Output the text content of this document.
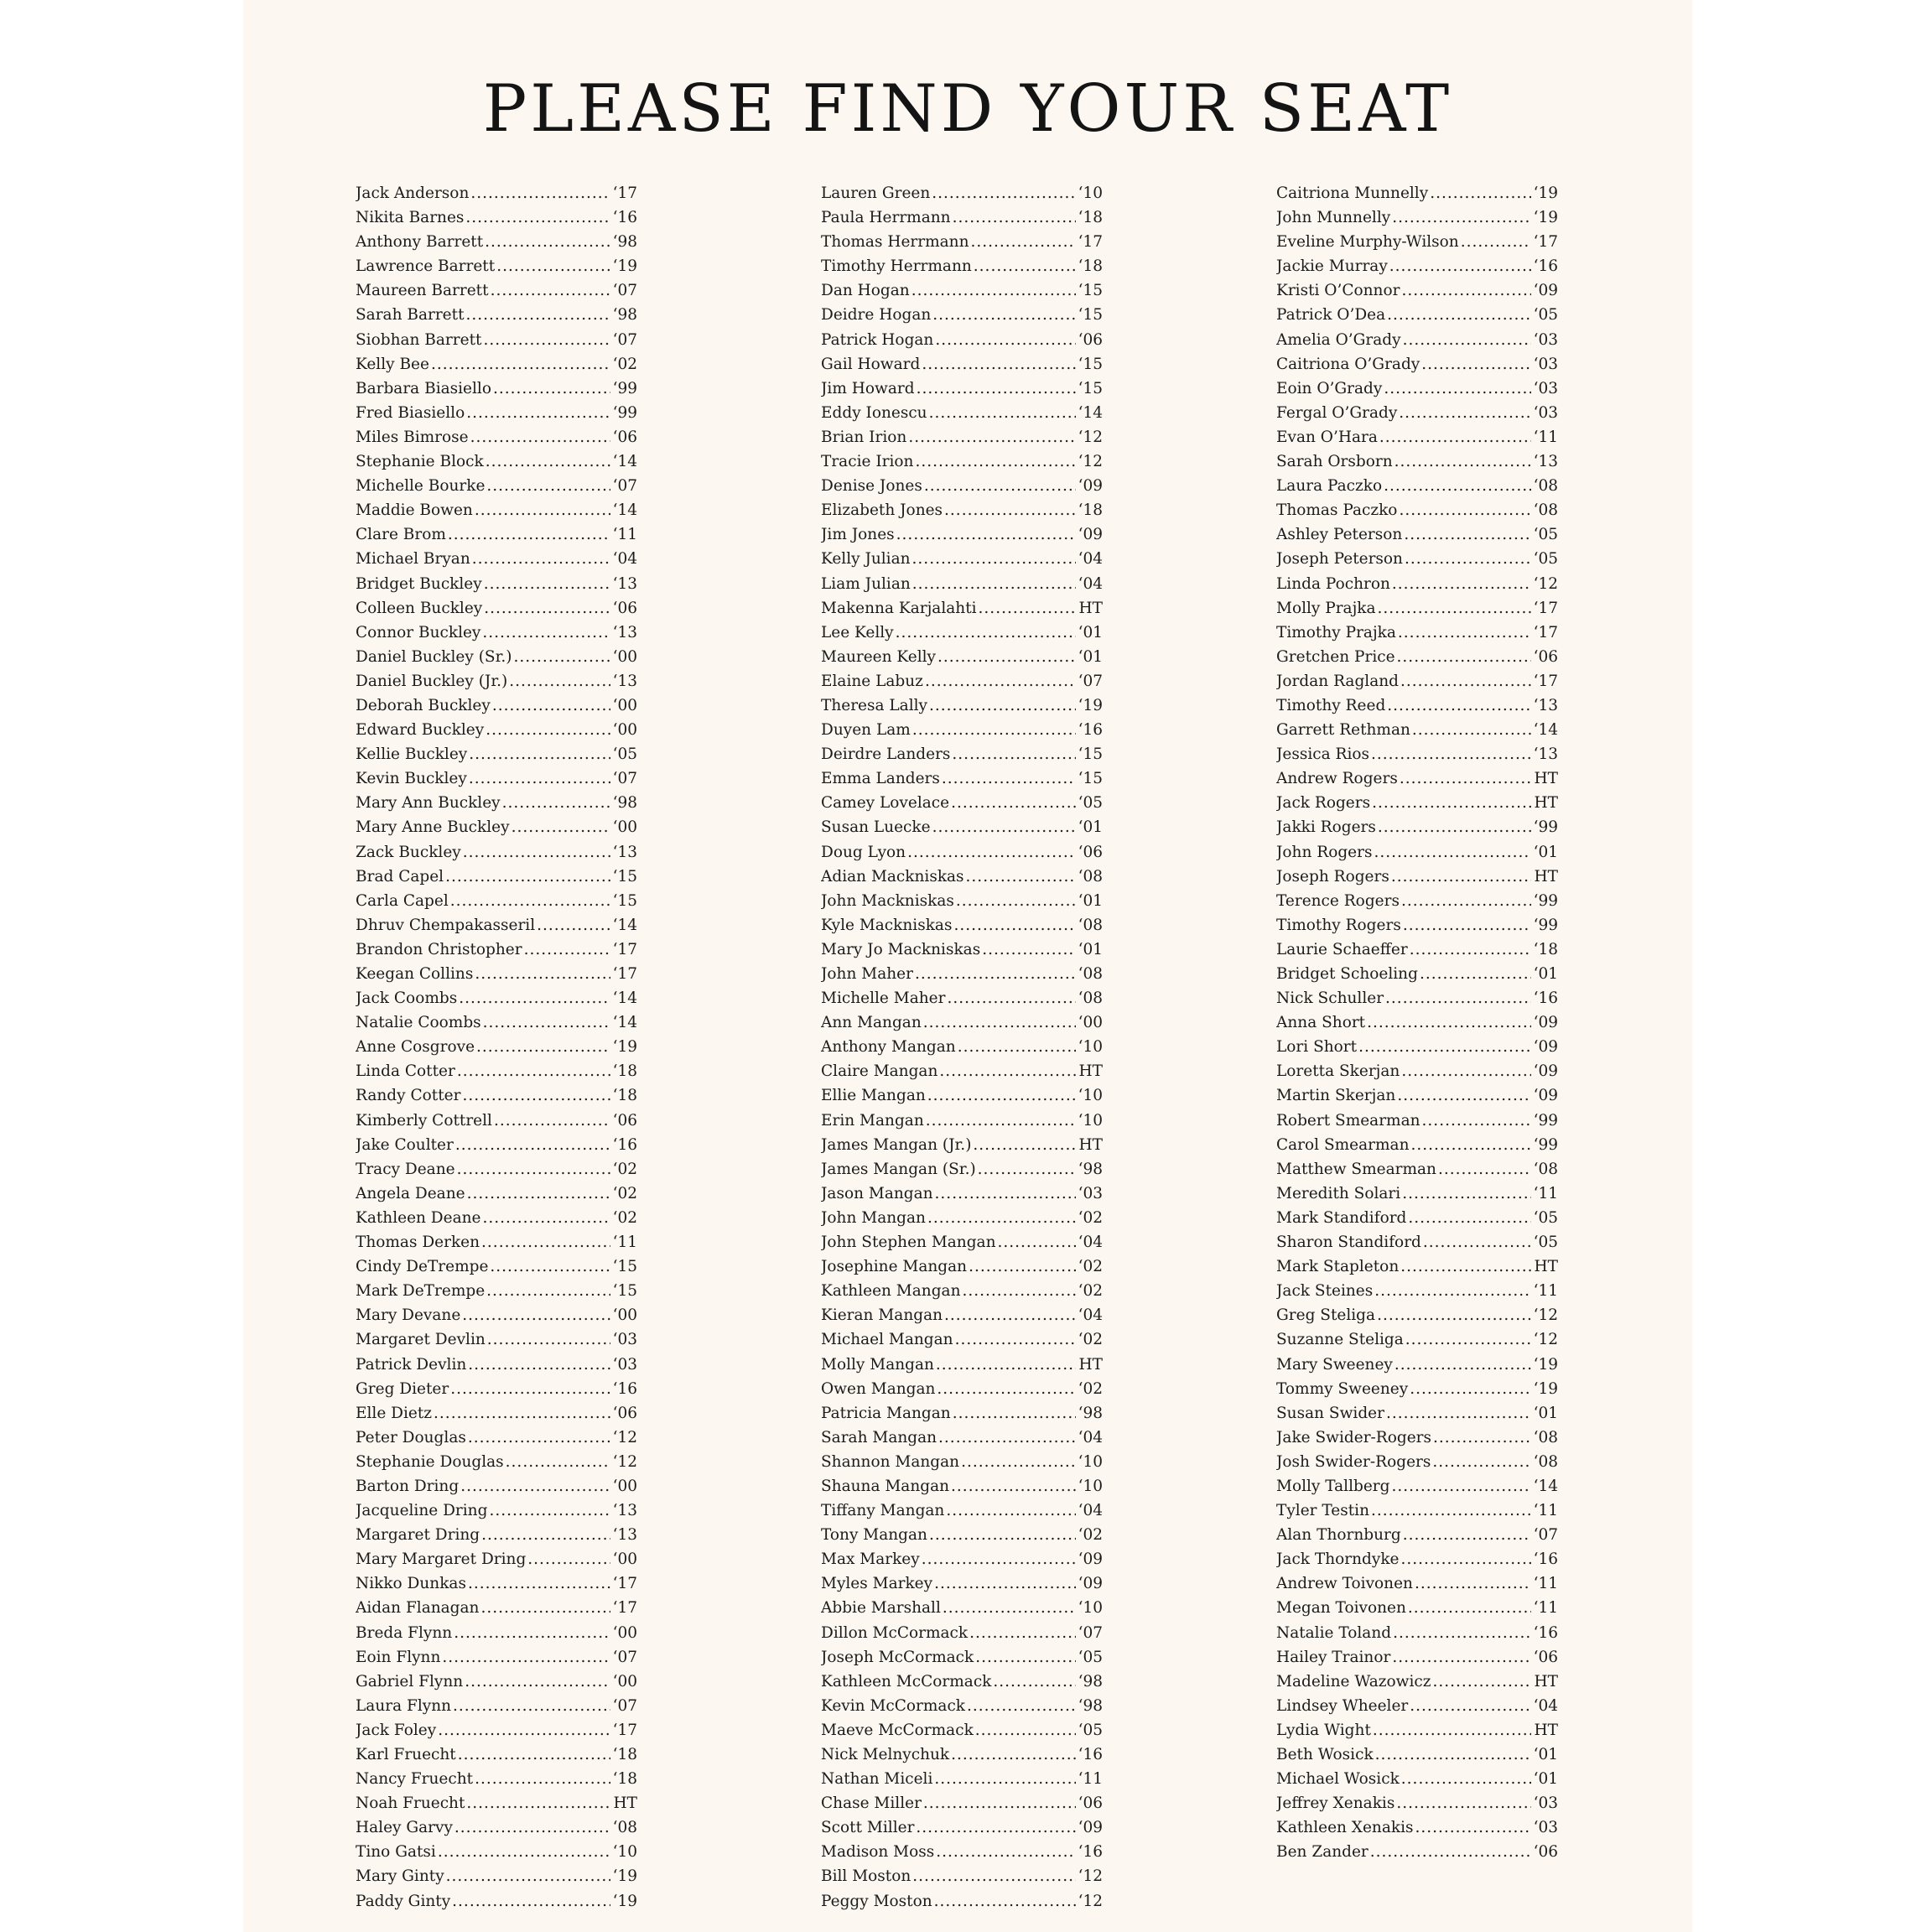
PLEASE FIND YOUR SEAT
Jack Anderson .....	‘17
Nikita Barnes .....	‘16
Anthony Barrett .....	‘98
Lawrence Barrett .....	‘19
Maureen Barrett .....	‘07
Sarah Barrett .....	‘98
Siobhan Barrett .....	‘07
Kelly Bee .....	‘02
Barbara Biasiello .....	‘99
Fred Biasiello .....	‘99
Miles Bimrose .....	‘06
Stephanie Block .....	‘14
Michelle Bourke .....	‘07
Maddie Bowen .....	‘14
Clare Brom .....	‘11
Michael Bryan .....	‘04
Bridget Buckley .....	‘13
Colleen Buckley .....	‘06
Connor Buckley .....	‘13
Daniel Buckley (Sr.) .....	‘00
Daniel Buckley (Jr.) .....	‘13
Deborah Buckley .....	‘00
Edward Buckley .....	‘00
Kellie Buckley .....	‘05
Kevin Buckley .....	‘07
Mary Ann Buckley .....	‘98
Mary Anne Buckley .....	‘00
Zack Buckley .....	‘13
Brad Capel .....	‘15
Carla Capel .....	‘15
Dhruv Chempakasseril .....	‘14
Brandon Christopher .....	‘17
Keegan Collins .....	‘17
Jack Coombs .....	‘14
Natalie Coombs .....	‘14
Anne Cosgrove .....	‘19
Linda Cotter .....	‘18
Randy Cotter .....	‘18
Kimberly Cottrell .....	‘06
Jake Coulter .....	‘16
Tracy Deane .....	‘02
Angela Deane .....	‘02
Kathleen Deane .....	‘02
Thomas Derken .....	‘11
Cindy DeTrempe .....	‘15
Mark DeTrempe .....	‘15
Mary Devane .....	‘00
Margaret Devlin .....	‘03
Patrick Devlin .....	‘03
Greg Dieter .....	‘16
Elle Dietz .....	‘06
Peter Douglas .....	‘12
Stephanie Douglas .....	‘12
Barton Dring .....	‘00
Jacqueline Dring .....	‘13
Margaret Dring .....	‘13
Mary Margaret Dring .....	‘00
Nikko Dunkas .....	‘17
Aidan Flanagan .....	‘17
Breda Flynn .....	‘00
Eoin Flynn .....	‘07
Gabriel Flynn .....	‘00
Laura Flynn .....	‘07
Jack Foley .....	‘17
Karl Fruecht .....	‘18
Nancy Fruecht .....	‘18
Noah Fruecht .....	HT
Haley Garvy .....	‘08
Tino Gatsi .....	‘10
Mary Ginty .....	‘19
Paddy Ginty .....	‘19
Lauren Green .....	‘10
Paula Herrmann .....	‘18
Thomas Herrmann .....	‘17
Timothy Herrmann .....	‘18
Dan Hogan .....	‘15
Deidre Hogan .....	‘15
Patrick Hogan .....	‘06
Gail Howard .....	‘15
Jim Howard .....	‘15
Eddy Ionescu .....	‘14
Brian Irion .....	‘12
Tracie Irion .....	‘12
Denise Jones .....	‘09
Elizabeth Jones .....	‘18
Jim Jones .....	‘09
Kelly Julian .....	‘04
Liam Julian .....	‘04
Makenna Karjalahti .....	HT
Lee Kelly .....	‘01
Maureen Kelly .....	‘01
Elaine Labuz .....	‘07
Theresa Lally .....	‘19
Duyen Lam .....	‘16
Deirdre Landers .....	‘15
Emma Landers .....	‘15
Camey Lovelace .....	‘05
Susan Luecke .....	‘01
Doug Lyon .....	‘06
Adian Mackniskas .....	‘08
John Mackniskas .....	‘01
Kyle Mackniskas .....	‘08
Mary Jo Mackniskas .....	‘01
John Maher .....	‘08
Michelle Maher .....	‘08
Ann Mangan .....	‘00
Anthony Mangan .....	‘10
Claire Mangan .....	HT
Ellie Mangan .....	‘10
Erin Mangan .....	‘10
James Mangan (Jr.) .....	HT
James Mangan (Sr.) .....	‘98
Jason Mangan .....	‘03
John Mangan .....	‘02
John Stephen Mangan .....	‘04
Josephine Mangan .....	‘02
Kathleen Mangan .....	‘02
Kieran Mangan .....	‘04
Michael Mangan .....	‘02
Molly Mangan .....	HT
Owen Mangan .....	‘02
Patricia Mangan .....	‘98
Sarah Mangan .....	‘04
Shannon Mangan .....	‘10
Shauna Mangan .....	‘10
Tiffany Mangan .....	‘04
Tony Mangan .....	‘02
Max Markey .....	‘09
Myles Markey .....	‘09
Abbie Marshall .....	‘10
Dillon McCormack .....	‘07
Joseph McCormack .....	‘05
Kathleen McCormack .....	‘98
Kevin McCormack .....	‘98
Maeve McCormack .....	‘05
Nick Melnychuk .....	‘16
Nathan Miceli .....	‘11
Chase Miller .....	‘06
Scott Miller .....	‘09
Madison Moss .....	‘16
Bill Moston .....	‘12
Peggy Moston .....	‘12
Caitriona Munnelly .....	‘19
John Munnelly .....	‘19
Eveline Murphy-Wilson .....	‘17
Jackie Murray .....	‘16
Kristi O’Connor .....	‘09
Patrick O’Dea .....	‘05
Amelia O’Grady .....	‘03
Caitriona O’Grady .....	‘03
Eoin O’Grady .....	‘03
Fergal O’Grady .....	‘03
Evan O’Hara .....	‘11
Sarah Orsborn .....	‘13
Laura Paczko .....	‘08
Thomas Paczko .....	‘08
Ashley Peterson .....	‘05
Joseph Peterson .....	‘05
Linda Pochron .....	‘12
Molly Prajka .....	‘17
Timothy Prajka .....	‘17
Gretchen Price .....	‘06
Jordan Ragland .....	‘17
Timothy Reed .....	‘13
Garrett Rethman .....	‘14
Jessica Rios .....	‘13
Andrew Rogers .....	HT
Jack Rogers .....	HT
Jakki Rogers .....	‘99
John Rogers .....	‘01
Joseph Rogers .....	HT
Terence Rogers .....	‘99
Timothy Rogers .....	‘99
Laurie Schaeffer .....	‘18
Bridget Schoeling .....	‘01
Nick Schuller .....	‘16
Anna Short .....	‘09
Lori Short .....	‘09
Loretta Skerjan .....	‘09
Martin Skerjan .....	‘09
Robert Smearman .....	‘99
Carol Smearman .....	‘99
Matthew Smearman .....	‘08
Meredith Solari .....	‘11
Mark Standiford .....	‘05
Sharon Standiford .....	‘05
Mark Stapleton .....	HT
Jack Steines .....	‘11
Greg Steliga .....	‘12
Suzanne Steliga .....	‘12
Mary Sweeney .....	‘19
Tommy Sweeney .....	‘19
Susan Swider .....	‘01
Jake Swider-Rogers .....	‘08
Josh Swider-Rogers .....	‘08
Molly Tallberg .....	‘14
Tyler Testin .....	‘11
Alan Thornburg .....	‘07
Jack Thorndyke .....	‘16
Andrew Toivonen .....	‘11
Megan Toivonen .....	‘11
Natalie Toland .....	‘16
Hailey Trainor .....	‘06
Madeline Wazowicz .....	HT
Lindsey Wheeler .....	‘04
Lydia Wight .....	HT
Beth Wosick .....	‘01
Michael Wosick .....	‘01
Jeffrey Xenakis .....	‘03
Kathleen Xenakis .....	‘03
Ben Zander .....	‘06
